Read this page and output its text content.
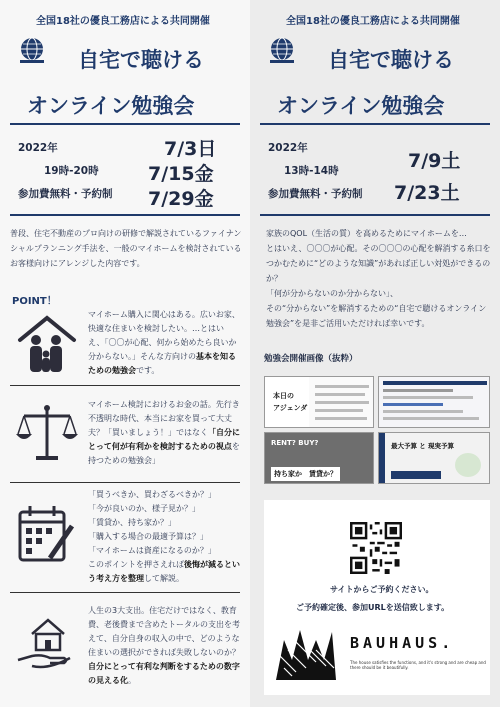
全国18社の優良工務店による共同開催
自宅で聴ける
オンライン勉強会
2022年
19時-20時
参加費無料・予約制
7/3日
7/15金
7/29金
普段、住宅不動産のプロ向けの研修で解説されているファイナンシャルプランニング手法を、一般のマイホームを検討されているお客様向けにアレンジした内容です。
POINT！
マイホーム購入に関心はある。広いお家、快適な住まいを検討したい。…とはいえ、「〇〇が心配、何から始めたら良いか分からない。」そんな方向けの基本を知るための勉強会です。
マイホーム検討におけるお金の話。先行き不透明な時代、本当にお家を買って大丈夫？「買いましょう！」ではなく「自分にとって何が有利かを検討するための視点を持つための勉強会」
「買うべきか、買わざるべきか？」
「今が良いのか、様子見か？」
「賃貸か、持ち家か？」
「購入する場合の最適予算は？」
「マイホームは資産になるのか？」
このポイントを押さえれば後悔が減るという考え方を整理して解説。
人生の3大支出。住宅だけではなく、教育費、老後費まで含めたトータルの支出を考えて、自分自身の収入の中で、どのような住まいの選択ができれば失敗しないのか？自分にとって有利な判断をするための数字の見える化。
全国18社の優良工務店による共同開催
自宅で聴ける
オンライン勉強会
2022年
13時-14時
参加費無料・予約制
7/9土
7/23土

家族のQOL（生活の質）を高めるためにマイホームを…

とはいえ、〇〇〇が心配。その〇〇〇の心配を解消する糸口をつかむために“どのような知識”があれば正しい対処ができるのか？

「何が分からないのか分からない」、

その“分からない”を解消するための“自宅で聴けるオンライン勉強会”を是非ご活用いただければ幸いです。

勉強会開催画像（抜粋）
本日の
アジェンダ
RENT? BUY?
持ち家か　賃貸か？
最大予算 と 現実予算
サイトからご予約ください。
ご予約確定後、参加URLを送信致します。
BAUHAUS.
The house satisfies the functions, and it's strong and are cheap and there should be it beautifully.
